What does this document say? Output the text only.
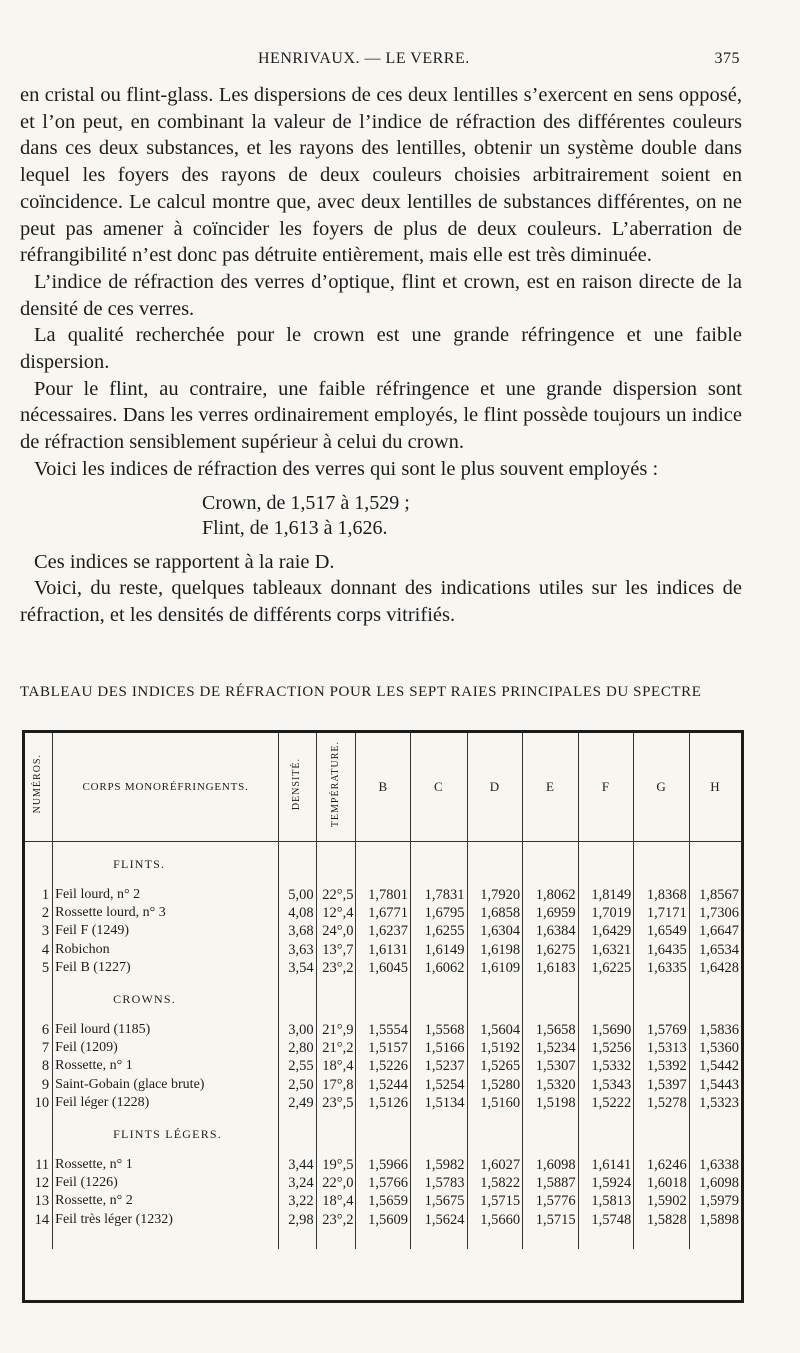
HENRIVAUX. — LE VERRE.	375

en cristal ou flint-glass. Les dispersions de ces deux lentilles s’exercent en sens opposé, et l’on peut, en combinant la valeur de l’indice de réfraction des différentes couleurs dans ces deux substances, et les rayons des lentilles, obtenir un système double dans lequel les foyers des rayons de deux couleurs choisies arbitrairement soient en coïncidence. Le calcul montre que, avec deux lentilles de substances différentes, on ne peut pas amener à coïncider les foyers de plus de deux couleurs. L’aberration de réfrangibilité n’est donc pas détruite entièrement, mais elle est très diminuée.

L’indice de réfraction des verres d’optique, flint et crown, est en raison directe de la densité de ces verres.

La qualité recherchée pour le crown est une grande réfringence et une faible dispersion.

Pour le flint, au contraire, une faible réfringence et une grande dispersion sont nécessaires. Dans les verres ordinairement employés, le flint possède toujours un indice de réfraction sensiblement supérieur à celui du crown.

Voici les indices de réfraction des verres qui sont le plus souvent employés :

Crown, de 1,517 à 1,529 ;
Flint, de 1,613 à 1,626.

Ces indices se rapportent à la raie D.

Voici, du reste, quelques tableaux donnant des indications utiles sur les indices de réfraction, et les densités de différents corps vitrifiés.

TABLEAU DES INDICES DE RÉFRACTION POUR LES SEPT RAIES PRINCIPALES DU SPECTRE
NUMÉROS.	CORPS MONORÉFRINGENTS.	DENSITÉ.	TEMPÉRATURE.	B	C	D	E	F	G	H
	FLINTS.									
1	Feil lourd, n° 2	5,00	22°,5	1,7801	1,7831	1,7920	1,8062	1,8149	1,8368	1,8567
2	Rossette lourd, n° 3	4,08	12°,4	1,6771	1,6795	1,6858	1,6959	1,7019	1,7171	1,7306
3	Feil F (1249)	3,68	24°,0	1,6237	1,6255	1,6304	1,6384	1,6429	1,6549	1,6647
4	Robichon	3,63	13°,7	1,6131	1,6149	1,6198	1,6275	1,6321	1,6435	1,6534
5	Feil B (1227)	3,54	23°,2	1,6045	1,6062	1,6109	1,6183	1,6225	1,6335	1,6428
	CROWNS.									
6	Feil lourd (1185)	3,00	21°,9	1,5554	1,5568	1,5604	1,5658	1,5690	1,5769	1,5836
7	Feil (1209)	2,80	21°,2	1,5157	1,5166	1,5192	1,5234	1,5256	1,5313	1,5360
8	Rossette, n° 1	2,55	18°,4	1,5226	1,5237	1,5265	1,5307	1,5332	1,5392	1,5442
9	Saint-Gobain (glace brute)	2,50	17°,8	1,5244	1,5254	1,5280	1,5320	1,5343	1,5397	1,5443
10	Feil léger (1228)	2,49	23°,5	1,5126	1,5134	1,5160	1,5198	1,5222	1,5278	1,5323
	FLINTS LÉGERS.									
11	Rossette, n° 1	3,44	19°,5	1,5966	1,5982	1,6027	1,6098	1,6141	1,6246	1,6338
12	Feil (1226)	3,24	22°,0	1,5766	1,5783	1,5822	1,5887	1,5924	1,6018	1,6098
13	Rossette, n° 2	3,22	18°,4	1,5659	1,5675	1,5715	1,5776	1,5813	1,5902	1,5979
14	Feil très léger (1232)	2,98	23°,2	1,5609	1,5624	1,5660	1,5715	1,5748	1,5828	1,5898
